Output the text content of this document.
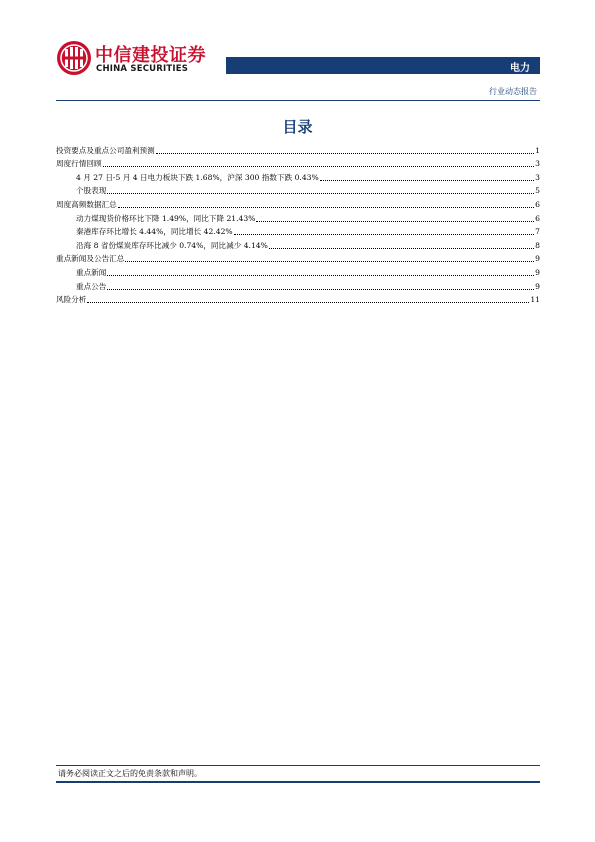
中信建投证券
CHINA SECURITIES	电力
行业动态报告
目录
投资要点及重点公司盈利预测	1
周度行情回顾	3
4 月 27 日-5 月 4 日电力板块下跌 1.68%，沪深 300 指数下跌 0.43%	3
个股表现	5
周度高频数据汇总	6
动力煤现货价格环比下降 1.49%，同比下降 21.43%	6
秦港库存环比增长 4.44%，同比增长 42.42%	7
沿海 8 省份煤炭库存环比减少 0.74%，同比减少 4.14%	8
重点新闻及公告汇总	9
重点新闻	9
重点公告	9
风险分析	11
请务必阅读正文之后的免责条款和声明。
